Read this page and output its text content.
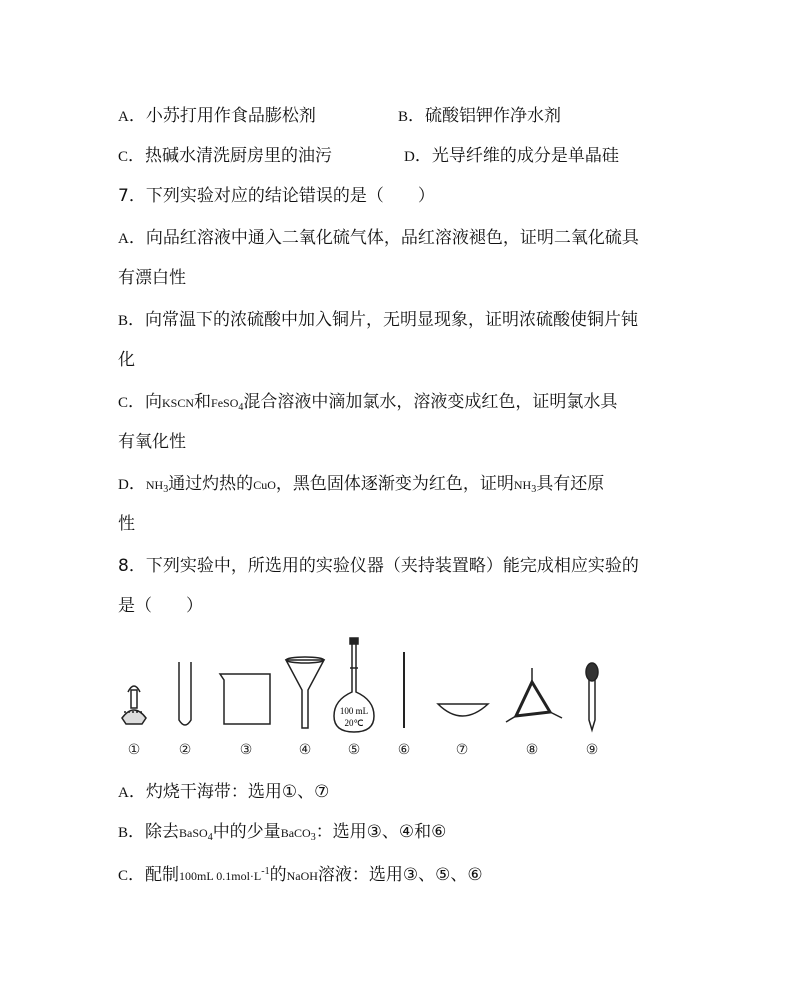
A．小苏打用作食品膨松剂	B．硫酸铝钾作净水剂
C．热碱水清洗厨房里的油污	D．光导纤维的成分是单晶硅
7．下列实验对应的结论错误的是（　　）
A．向品红溶液中通入二氧化硫气体，品红溶液褪色，证明二氧化硫具
有漂白性
B．向常温下的浓硫酸中加入铜片，无明显现象，证明浓硫酸使铜片钝
化
C．向KSCN和FeSO$_4$混合溶液中滴加氯水，溶液变成红色，证明氯水具
有氧化性
D．$NH_3$通过灼热的CuO，黑色固体逐渐变为红色，证明$NH_3$具有还原
性
8．下列实验中，所选用的实验仪器（夹持装置略）能完成相应实验的
是（　　）
100 mL
20℃
①	②	③	④	⑤	⑥	⑦	⑧	⑨
A．灼烧干海带：选用①、⑦
B．除去BaSO$_4$中的少量BaCO$_3$：选用③、④和⑥
C．配制100mL $0.1mol\cdot L^{-1}$的NaOH溶液：选用③、⑤、⑥
